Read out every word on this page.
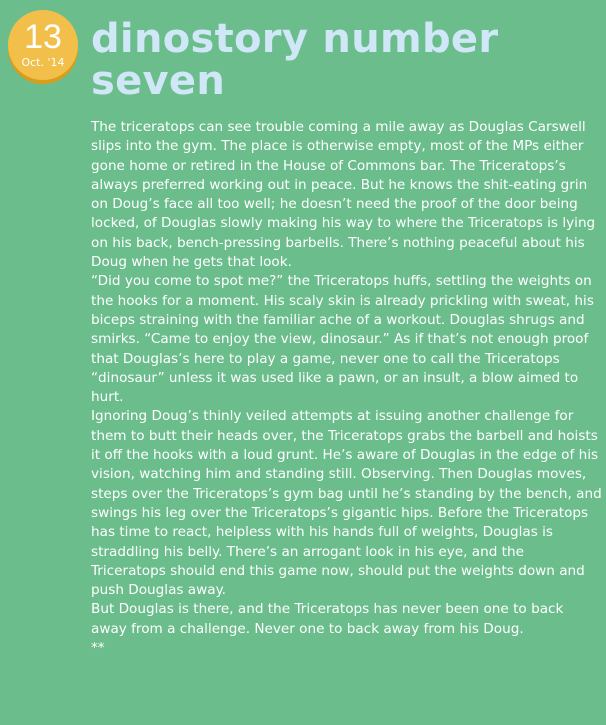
13
Oct. '14
dinostory number seven

The triceratops can see trouble coming a mile away as Douglas Carswell slips into the gym. The place is otherwise empty, most of the MPs either gone home or retired in the House of Commons bar. The Triceratops’s always preferred working out in peace. But he knows the shit-eating grin on Doug’s face all too well; he doesn’t need the proof of the door being locked, of Douglas slowly making his way to where the Triceratops is lying on his back, bench-pressing barbells. There’s nothing peaceful about his Doug when he gets that look.

“Did you come to spot me?” the Triceratops huffs, settling the weights on the hooks for a moment. His scaly skin is already prickling with sweat, his biceps straining with the familiar ache of a workout. Douglas shrugs and smirks. “Came to enjoy the view, dinosaur.” As if that’s not enough proof that Douglas’s here to play a game, never one to call the Triceratops “dinosaur” unless it was used like a pawn, or an insult, a blow aimed to hurt.

Ignoring Doug’s thinly veiled attempts at issuing another challenge for them to butt their heads over, the Triceratops grabs the barbell and hoists it off the hooks with a loud grunt. He’s aware of Douglas in the edge of his vision, watching him and standing still. Observing. Then Douglas moves, steps over the Triceratops’s gym bag until he’s standing by the bench, and swings his leg over the Triceratops’s gigantic hips. Before the Triceratops has time to react, helpless with his hands full of weights, Douglas is straddling his belly. There’s an arrogant look in his eye, and the Triceratops should end this game now, should put the weights down and push Douglas away.

But Douglas is there, and the Triceratops has never been one to back away from a challenge. Never one to back away from his Doug.

**
